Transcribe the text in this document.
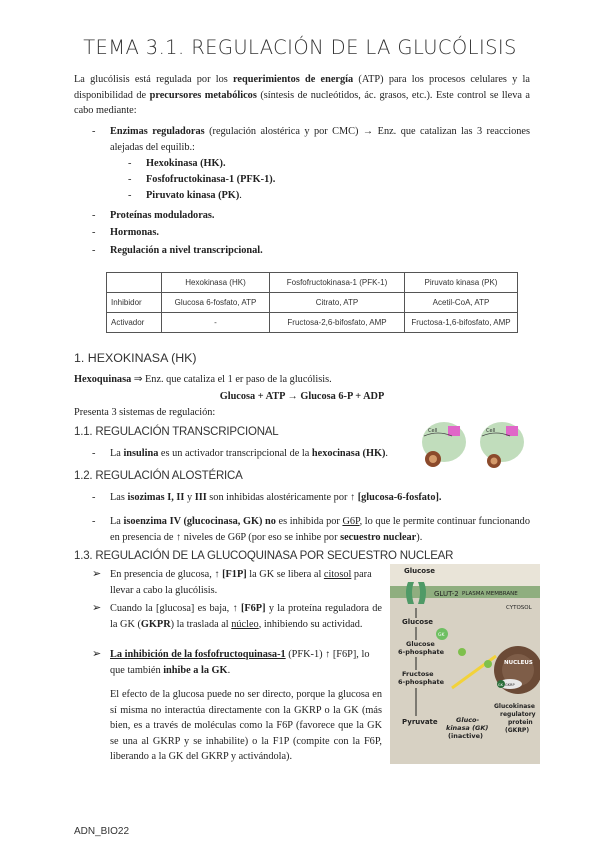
TEMA 3.1. REGULACIÓN DE LA GLUCÓLISIS
La glucólisis está regulada por los requerimientos de energía (ATP) para los procesos celulares y la disponibilidad de precursores metabólicos (síntesis de nucleótidos, ác. grasos, etc.). Este control se lleva a cabo mediante:
- Enzimas reguladoras (regulación alostérica y por CMC) → Enz. que catalizan las 3 reacciones alejadas del equilib.:
- Hexokinasa (HK).
- Fosfofructokinasa-1 (PFK-1).
- Piruvato kinasa (PK).
- Proteínas moduladoras.
- Hormonas.
- Regulación a nivel transcripcional.
	Hexokinasa (HK)	Fosfofructokinasa-1 (PFK-1)	Piruvato kinasa (PK)
Inhibidor	Glucosa 6-fosfato, ATP	Citrato, ATP	Acetil-CoA, ATP
Activador	-	Fructosa-2,6-bifosfato, AMP	Fructosa-1,6-bifosfato, AMP
1. HEXOKINASA (HK)
Hexoquinasa ⇒ Enz. que cataliza el 1 er paso de la glucólisis.
Glucosa + ATP → Glucosa 6-P + ADP
Presenta 3 sistemas de regulación:
1.1. REGULACIÓN TRANSCRIPCIONAL
- La insulina es un activador transcripcional de la hexocinasa (HK).
Cell	Cell
1.2. REGULACIÓN ALOSTÉRICA
- Las isozimas I, II y III son inhibidas alostéricamente por ↑ [glucosa-6-fosfato].
- La isoenzima IV (glucocinasa, GK) no es inhibida por G6P, lo que le permite continuar funcionando en presencia de ↑ niveles de G6P (por eso se inhibe por secuestro nuclear).
1.3. REGULACIÓN DE LA GLUCOQUINASA POR SECUESTRO NUCLEAR
➢ En presencia de glucosa, ↑ [F1P] la GK se libera al citosol para llevar a cabo la glucólisis.
➢ Cuando la [glucosa] es baja, ↑ [F6P] y la proteína reguladora de la GK (GKPR) la traslada al núcleo, inhibiendo su actividad.
➢ La inhibición de la fosfofructoquinasa-1 (PFK-1) ↑ [F6P], lo que también inhibe a la GK.
El efecto de la glucosa puede no ser directo, porque la glucosa en sí misma no interactúa directamente con la GKRP o la GK (más bien, es a través de moléculas como la F6P (favorece que la GK se una al GKRP y se inhabilite) o la F1P (compite con la F6P, liberando a la GK del GKRP y activándola).
Glucose
GLUT-2 PLASMA MEMBRANE
CYTOSOL
Glucose
Glucose
6-phosphate
Fructose
6-phosphate
Pyruvate
GK
NUCLEUS
GK GKRP
Gluco-
kinasa (GK)
(inactive)
Glucokinase
regulatory
protein
(GKRP)
ADN_BIO22
